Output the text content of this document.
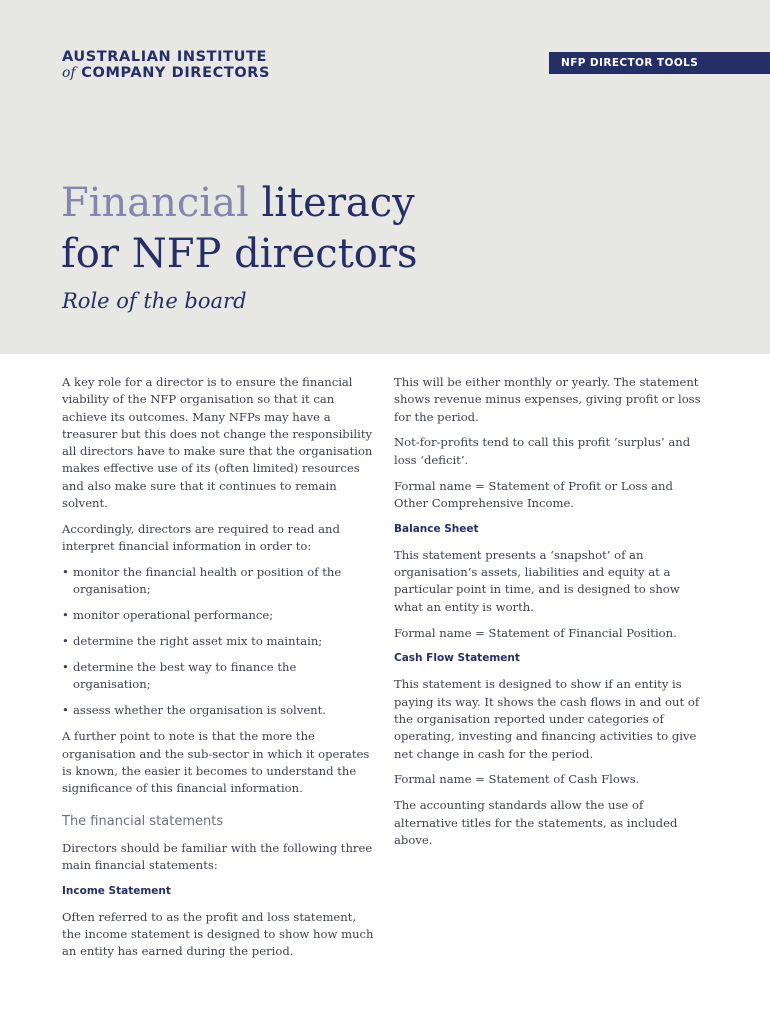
AUSTRALIAN INSTITUTE
of COMPANY DIRECTORS
NFP DIRECTOR TOOLS
Financial literacy
for NFP directors
Role of the board

A key role for a director is to ensure the financial viability of the NFP organisation so that it can achieve its outcomes. Many NFPs may have a treasurer but this does not change the responsibility all directors have to make sure that the organisation makes effective use of its (often limited) resources and also make sure that it continues to remain solvent.

Accordingly, directors are required to read and interpret financial information in order to:

• monitor the financial health or position of the organisation;
• monitor operational performance;
• determine the right asset mix to maintain;
• determine the best way to finance the organisation;
• assess whether the organisation is solvent.

A further point to note is that the more the organisation and the sub-sector in which it operates is known, the easier it becomes to understand the significance of this financial information.

The financial statements

Directors should be familiar with the following three main financial statements:

Income Statement

Often referred to as the profit and loss statement, the income statement is designed to show how much an entity has earned during the period.

This will be either monthly or yearly. The statement shows revenue minus expenses, giving profit or loss for the period.

Not-for-profits tend to call this profit ‘surplus’ and loss ‘deficit’.

Formal name = Statement of Profit or Loss and Other Comprehensive Income.

Balance Sheet

This statement presents a ‘snapshot’ of an organisation’s assets, liabilities and equity at a particular point in time, and is designed to show what an entity is worth.

Formal name = Statement of Financial Position.

Cash Flow Statement

This statement is designed to show if an entity is paying its way. It shows the cash flows in and out of the organisation reported under categories of operating, investing and financing activities to give net change in cash for the period.

Formal name = Statement of Cash Flows.

The accounting standards allow the use of alternative titles for the statements, as included above.
